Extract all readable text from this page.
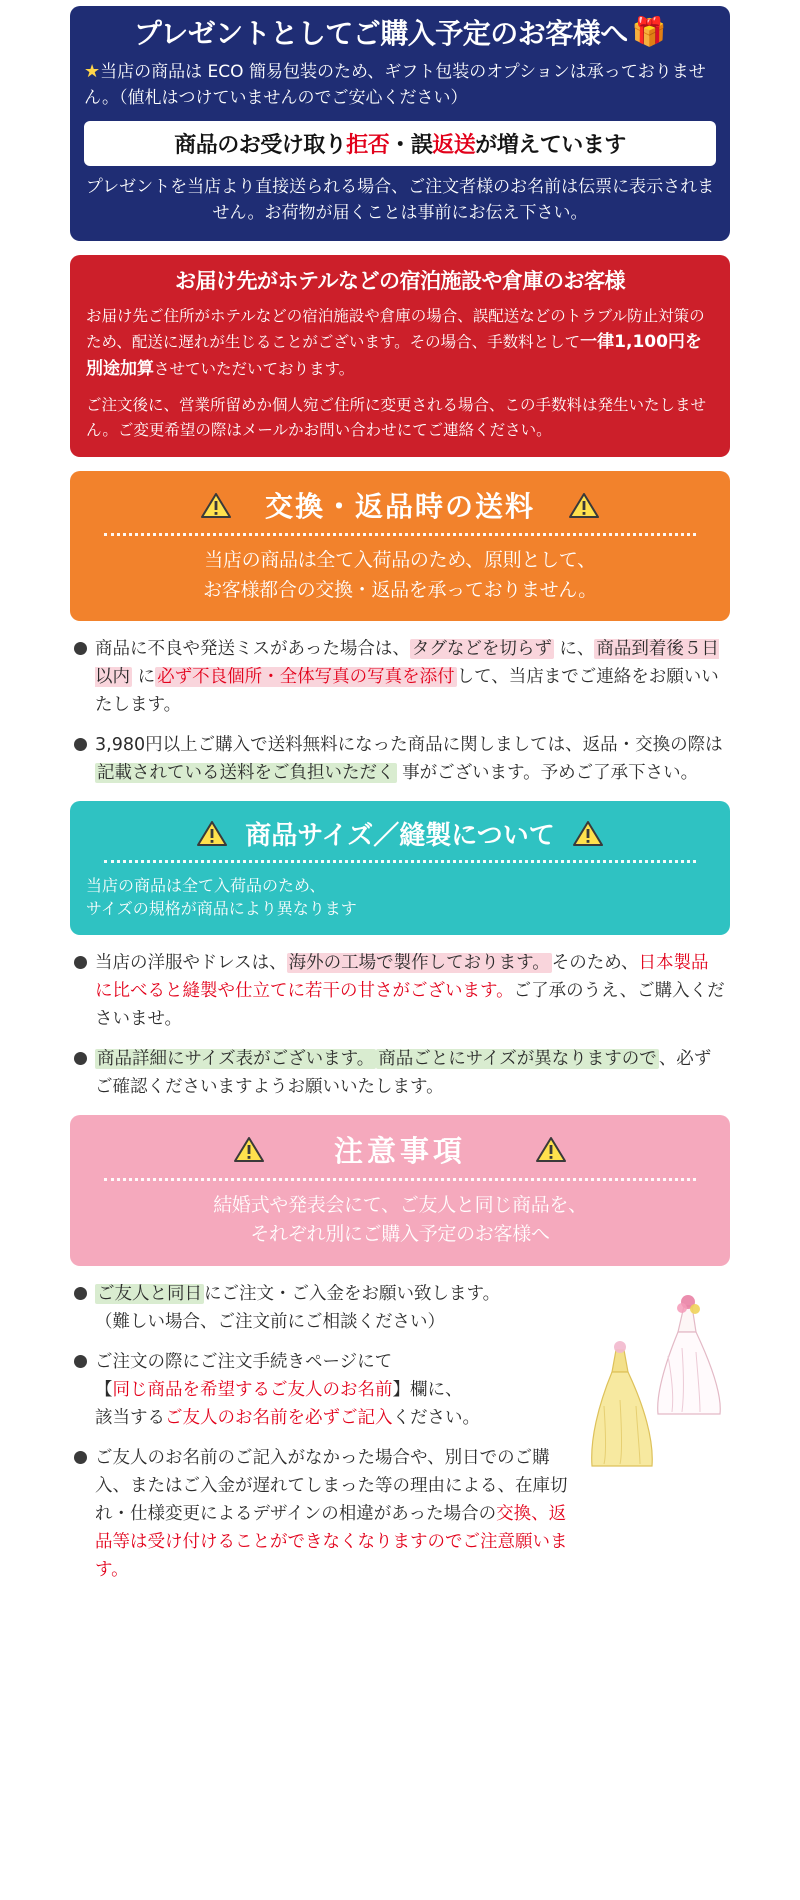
プレゼントとしてご購入予定のお客様へ 🎁
★当店の商品は ECO 簡易包装のため、ギフト包装のオプションは承っておりません。（値札はつけていませんのでご安心ください）
商品のお受け取り拒否・誤返送が増えています
プレゼントを当店より直接送られる場合、ご注文者様のお名前は伝票に表示されません。お荷物が届くことは事前にお伝え下さい。
お届け先がホテルなどの宿泊施設や倉庫のお客様

お届け先ご住所がホテルなどの宿泊施設や倉庫の場合、誤配送などのトラブル防止対策のため、配送に遅れが生じることがございます。その場合、手数料として一律1,100円を別途加算させていただいております。

ご注文後に、営業所留めか個人宛ご住所に変更される場合、この手数料は発生いたしません。ご変更希望の際はメールかお問い合わせにてご連絡ください。

交換・返品時の送料
当店の商品は全て入荷品のため、原則として、
お客様都合の交換・返品を承っておりません。
商品に不良や発送ミスがあった場合は、 タグなどを切らず に、 商品到着後５日以内 に 必ず不良個所・全体写真の写真を添付 して、当店までご連絡をお願いいたします。
3,980円以上ご購入で送料無料になった商品に関しましては、返品・交換の際は 記載されている送料をご負担いただく 事がございます。予めご了承下さい。
商品サイズ／縫製について
当店の商品は全て入荷品のため、
サイズの規格が商品により異なります
当店の洋服やドレスは、 海外の工場で製作しております。 そのため、日本製品に比べると縫製や仕立てに若干の甘さがございます。ご了承のうえ、ご購入くださいませ。
商品詳細にサイズ表がございます。 商品ごとにサイズが異なりますので 、必ずご確認くださいますようお願いいたします。
注意事項
結婚式や発表会にて、ご友人と同じ商品を、
それぞれ別にご購入予定のお客様へ
ご友人と同日 にご注文・ご入金をお願い致します。
（難しい場合、ご注文前にご相談ください）
ご注文の際にご注文手続きページにて
【同じ商品を希望するご友人のお名前】欄に、
該当するご友人のお名前を必ずご記入ください。
ご友人のお名前のご記入がなかった場合や、別日でのご購入、またはご入金が遅れてしまった等の理由による、在庫切れ・仕様変更によるデザインの相違があった場合の交換、返品等は受け付けることができなくなりますのでご注意願います。
